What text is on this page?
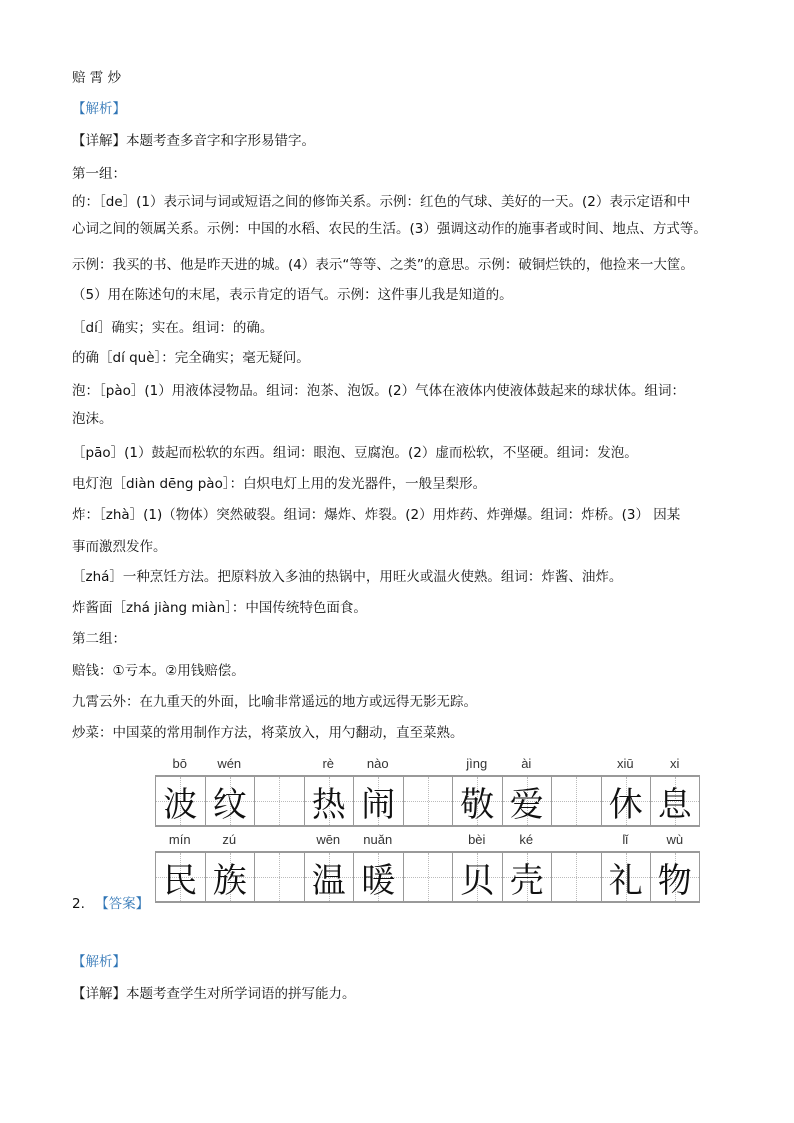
赔 霄 炒
【解析】
【详解】本题考查多音字和字形易错字。
第一组：
的：［de］(1）表示词与词或短语之间的修饰关系。示例：红色的气球、美好的一天。(2）表示定语和中
心词之间的领属关系。示例：中国的水稻、农民的生活。(3）强调这动作的施事者或时间、地点、方式等。
示例：我买的书、他是昨天进的城。(4）表示“等等、之类”的意思。示例：破铜烂铁的，他捡来一大筐。
（5）用在陈述句的末尾，表示肯定的语气。示例：这件事儿我是知道的。
［dí］确实；实在。组词：的确。
的确［dí què］：完全确实；毫无疑问。
泡：［pào］(1）用液体浸物品。组词：泡茶、泡饭。(2）气体在液体内使液体鼓起来的球状体。组词：
泡沫。
［pāo］(1）鼓起而松软的东西。组词：眼泡、豆腐泡。(2）虚而松软，不坚硬。组词：发泡。
电灯泡［diàn dēng pào］：白炽电灯上用的发光器件，一般呈梨形。
炸：［zhà］(1)（物体）突然破裂。组词：爆炸、炸裂。(2）用炸药、炸弹爆。组词：炸桥。(3） 因某
事而激烈发作。
［zhá］一种烹饪方法。把原料放入多油的热锅中，用旺火或温火使熟。组词：炸酱、油炸。
炸酱面［zhá jiàng miàn］：中国传统特色面食。
第二组：
赔钱：①亏本。②用钱赔偿。
九霄云外：在九重天的外面，比喻非常遥远的地方或远得无影无踪。
炒菜：中国菜的常用制作方法，将菜放入，用勺翻动，直至菜熟。
2. 【答案】
bō	wén	rè	nào	jìng	ài	xiū	xi
波 纹 热 闹 敬 爱 休 息
mín	zú	wēn	nuǎn	bèi	ké	lǐ	wù
民 族 温 暖 贝 壳 礼 物
【解析】
【详解】本题考查学生对所学词语的拼写能力。
